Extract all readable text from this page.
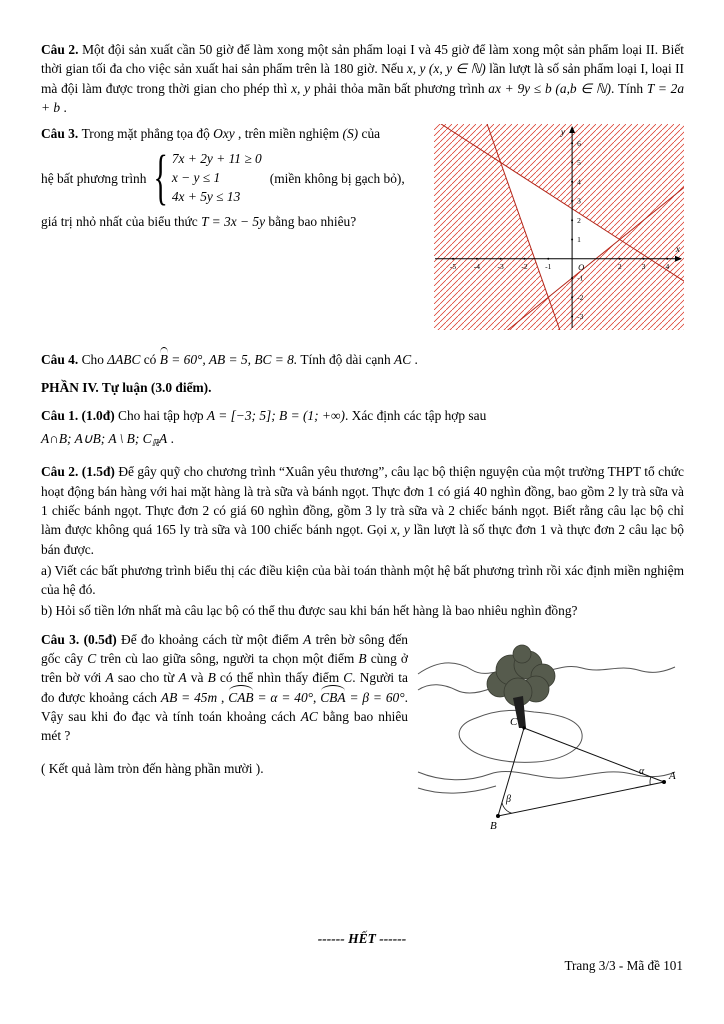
Câu 2. Một đội sản xuất cần 50 giờ để làm xong một sản phẩm loại I và 45 giờ để làm xong một sản phẩm loại II. Biết thời gian tối đa cho việc sản xuất hai sản phẩm trên là 180 giờ. Nếu x, y (x, y ∈ ℕ) lần lượt là số sản phẩm loại I, loại II mà đội làm được trong thời gian cho phép thì x, y phải thỏa mãn bất phương trình ax + 9y ≤ b (a,b ∈ ℕ). Tính T = 2a + b .

Câu 3. Trong mặt phẳng tọa độ Oxy , trên miền nghiệm (S) của

hệ bất phương trình { 7x + 2y + 11 ≥ 0
x − y ≤ 1
4x + 5y ≤ 13
(miền không bị gạch bỏ),

giá trị nhỏ nhất của biểu thức T = 3x − 5y bằng bao nhiêu?

-5 -4 -3 -2 -1	2	3	4
-3
-2
-1
1
2
3
4
5
6
x
y
O

Câu 4. Cho ΔABC có B = 60°, AB = 5, BC = 8. Tính độ dài cạnh AC .

PHẦN IV. Tự luận (3.0 điểm).

Câu 1. (1.0đ) Cho hai tập hợp A = [−3; 5]; B = (1; +∞). Xác định các tập hợp sau

A∩B; A∪B; A \ B; $C_ℝA$ .

Câu 2. (1.5đ) Để gây quỹ cho chương trình “Xuân yêu thương”, câu lạc bộ thiện nguyện của một trường THPT tổ chức hoạt động bán hàng với hai mặt hàng là trà sữa và bánh ngọt. Thực đơn 1 có giá 40 nghìn đồng, bao gồm 2 ly trà sữa và 1 chiếc bánh ngọt. Thực đơn 2 có giá 60 nghìn đồng, gồm 3 ly trà sữa và 2 chiếc bánh ngọt. Biết rằng câu lạc bộ chỉ làm được không quá 165 ly trà sữa và 100 chiếc bánh ngọt. Gọi x, y lần lượt là số thực đơn 1 và thực đơn 2 câu lạc bộ bán được.

a) Viết các bất phương trình biểu thị các điều kiện của bài toán thành một hệ bất phương trình rồi xác định miền nghiệm của hệ đó.

b) Hỏi số tiền lớn nhất mà câu lạc bộ có thể thu được sau khi bán hết hàng là bao nhiêu nghìn đồng?

Câu 3. (0.5đ) Để đo khoảng cách từ một điểm A trên bờ sông đến gốc cây C trên cù lao giữa sông, người ta chọn một điểm B cùng ở trên bờ với A sao cho từ A và B có thể nhìn thấy điểm C. Người ta đo được khoảng cách AB = 45m , CAB = α = 40°, CBA = β = 60°. Vậy sau khi đo đạc và tính toán khoảng cách AC bằng bao nhiêu mét ?

( Kết quả làm tròn đến hàng phần mười ).

A
B
C
α
β
------ HẾT ------
Trang 3/3 - Mã đề 101
